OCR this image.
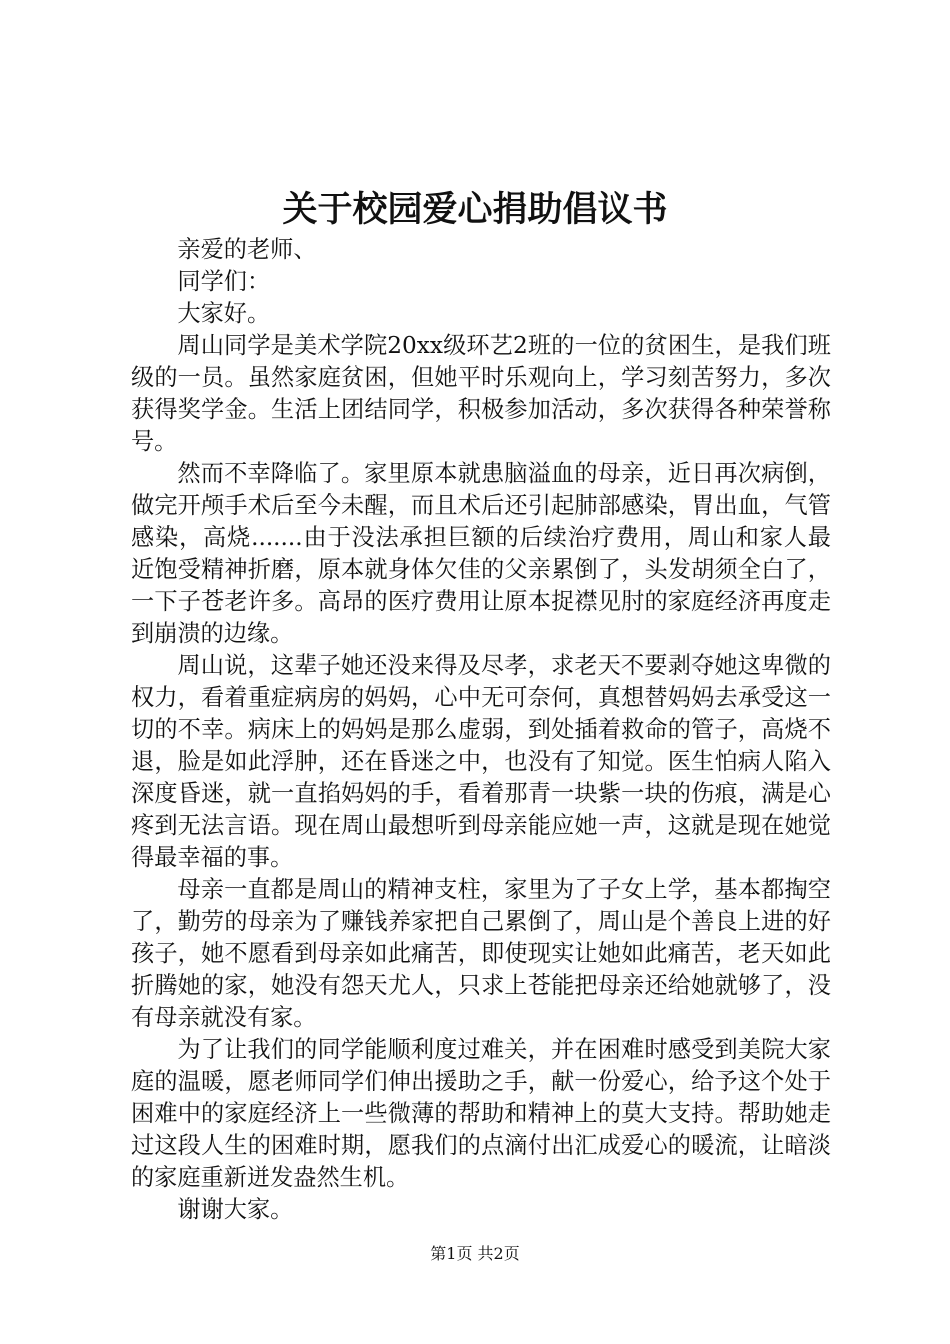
关于校园爱心捐助倡议书

亲爱的老师、

同学们：

大家好。

周山同学是美术学院20xx级环艺2班的一位的贫困生，是我们班级的一员。虽然家庭贫困，但她平时乐观向上，学习刻苦努力，多次获得奖学金。生活上团结同学，积极参加活动，多次获得各种荣誉称号。

然而不幸降临了。家里原本就患脑溢血的母亲，近日再次病倒，做完开颅手术后至今未醒，而且术后还引起肺部感染，胃出血，气管感染，高烧.......由于没法承担巨额的后续治疗费用，周山和家人最近饱受精神折磨，原本就身体欠佳的父亲累倒了，头发胡须全白了，一下子苍老许多。高昂的医疗费用让原本捉襟见肘的家庭经济再度走到崩溃的边缘。

周山说，这辈子她还没来得及尽孝，求老天不要剥夺她这卑微的权力，看着重症病房的妈妈，心中无可奈何，真想替妈妈去承受这一切的不幸。病床上的妈妈是那么虚弱，到处插着救命的管子，高烧不退，脸是如此浮肿，还在昏迷之中，也没有了知觉。医生怕病人陷入深度昏迷，就一直掐妈妈的手，看着那青一块紫一块的伤痕，满是心疼到无法言语。现在周山最想听到母亲能应她一声，这就是现在她觉得最幸福的事。

母亲一直都是周山的精神支柱，家里为了子女上学，基本都掏空了，勤劳的母亲为了赚钱养家把自己累倒了，周山是个善良上进的好孩子，她不愿看到母亲如此痛苦，即使现实让她如此痛苦，老天如此折腾她的家，她没有怨天尤人，只求上苍能把母亲还给她就够了，没有母亲就没有家。

为了让我们的同学能顺利度过难关，并在困难时感受到美院大家庭的温暖，愿老师同学们伸出援助之手，献一份爱心，给予这个处于困难中的家庭经济上一些微薄的帮助和精神上的莫大支持。帮助她走过这段人生的困难时期，愿我们的点滴付出汇成爱心的暖流，让暗淡的家庭重新迸发盎然生机。

谢谢大家。

第1页 共2页
